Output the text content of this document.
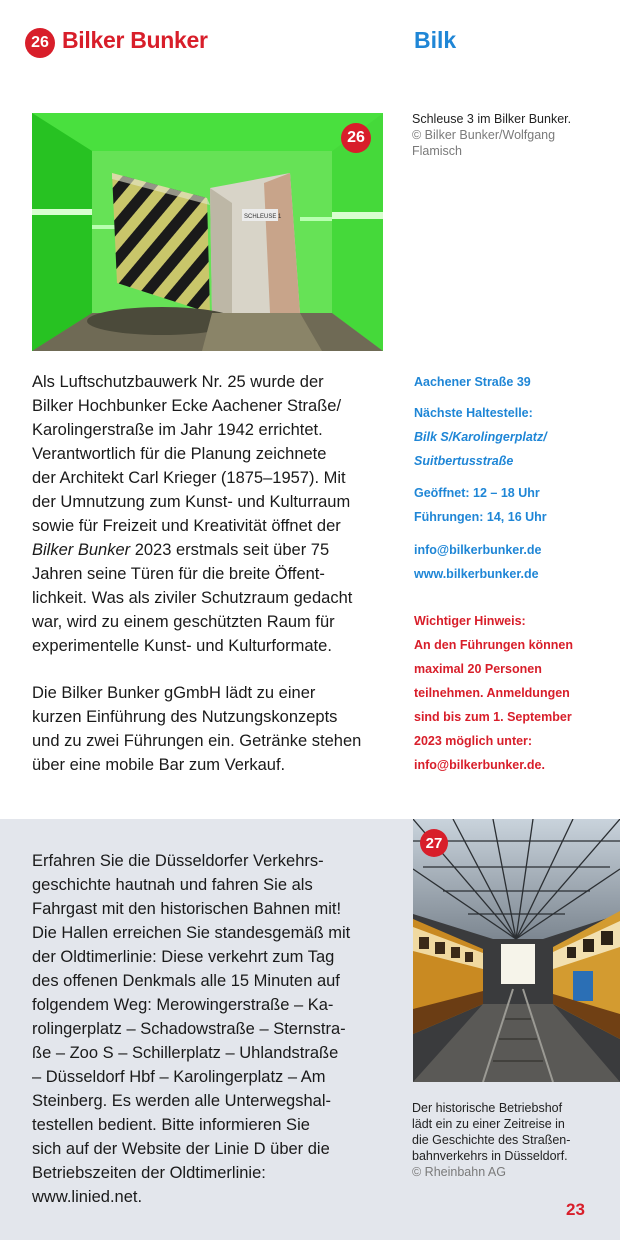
26 Bilker Bunker	Bilk
SCHLEUSE 1
26
Schleuse 3 im Bilker Bunker.
© Bilker Bunker/Wolfgang
Flamisch
Als Luftschutzbauwerk Nr. 25 wurde der
Bilker Hochbunker Ecke Aachener Straße/
Karolingerstraße im Jahr 1942 errichtet.
Verantwortlich für die Planung zeichnete
der Architekt Carl Krieger (1875–1957). Mit
der Umnutzung zum Kunst- und Kulturraum
sowie für Freizeit und Kreativität öffnet der
Bilker Bunker 2023 erstmals seit über 75
Jahren seine Türen für die breite Öffent-
lichkeit. Was als ziviler Schutzraum gedacht
war, wird zu einem geschützten Raum für
experimentelle Kunst- und Kulturformate.
Die Bilker Bunker gGmbH lädt zu einer
kurzen Einführung des Nutzungskonzepts
und zu zwei Führungen ein. Getränke stehen
über eine mobile Bar zum Verkauf.
Aachener Straße 39
Nächste Haltestelle:
Bilk S/Karolingerplatz/
Suitbertusstraße
Geöffnet: 12 – 18 Uhr
Führungen: 14, 16 Uhr
info@bilkerbunker.de
www.bilkerbunker.de
Wichtiger Hinweis:
An den Führungen können
maximal 20 Personen
teilnehmen. Anmeldungen
sind bis zum 1. September
2023 möglich unter:
info@bilkerbunker.de.
Erfahren Sie die Düsseldorfer Verkehrs-
geschichte hautnah und fahren Sie als
Fahrgast mit den historischen Bahnen mit!
Die Hallen erreichen Sie standesgemäß mit
der Oldtimerlinie: Diese verkehrt zum Tag
des offenen Denkmals alle 15 Minuten auf
folgendem Weg: Merowingerstraße – Ka-
rolingerplatz – Schadowstraße – Sternstra-
ße – Zoo S – Schillerplatz – Uhlandstraße
– Düsseldorf Hbf – Karolingerplatz – Am
Steinberg. Es werden alle Unterwegshal-
testellen bedient. Bitte informieren Sie
sich auf der Website der Linie D über die
Betriebszeiten der Oldtimerlinie:
www.linied.net.
27
Der historische Betriebshof
lädt ein zu einer Zeitreise in
die Geschichte des Straßen-
bahnverkehrs in Düsseldorf.
© Rheinbahn AG
23
